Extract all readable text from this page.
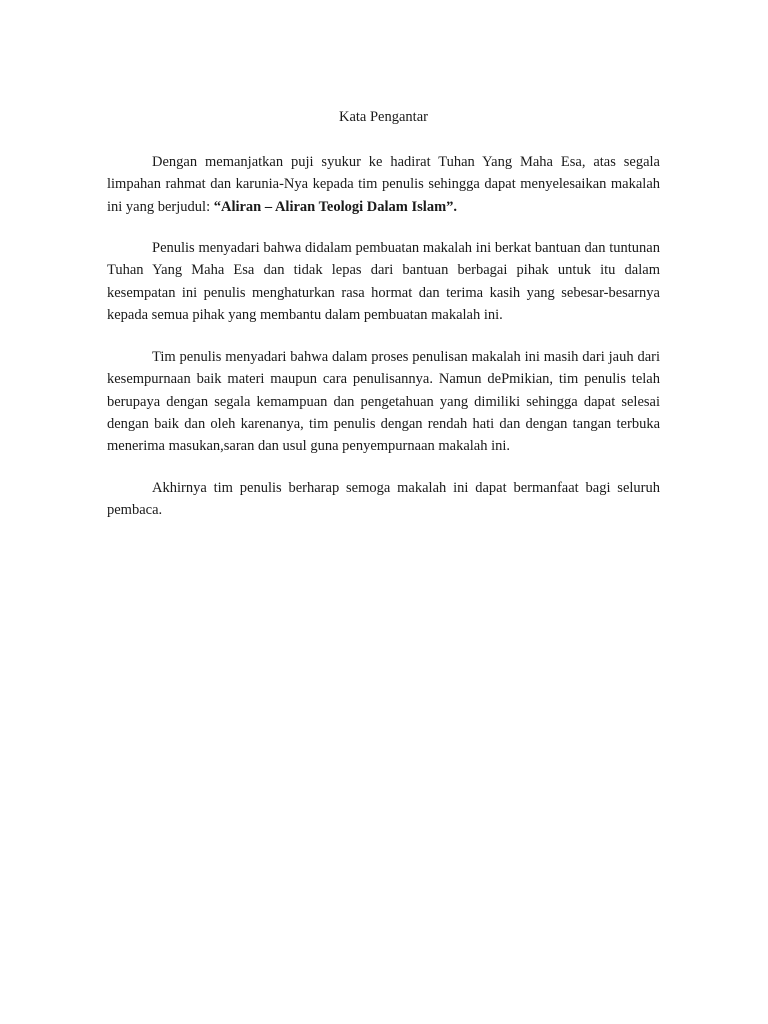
Kata Pengantar

Dengan memanjatkan puji syukur ke hadirat Tuhan Yang Maha Esa, atas segala limpahan rahmat dan karunia-Nya kepada tim penulis sehingga dapat menyelesaikan makalah ini yang berjudul: “Aliran – Aliran Teologi Dalam Islam”.

Penulis menyadari bahwa didalam pembuatan makalah ini berkat bantuan dan tuntunan Tuhan Yang Maha Esa dan tidak lepas dari bantuan berbagai pihak untuk itu dalam kesempatan ini penulis menghaturkan rasa hormat dan terima kasih yang sebesar-besarnya kepada semua pihak yang membantu dalam pembuatan makalah ini.

Tim penulis menyadari bahwa dalam proses penulisan makalah ini masih dari jauh dari kesempurnaan baik materi maupun cara penulisannya. Namun dePmikian, tim penulis telah berupaya dengan segala kemampuan dan pengetahuan yang dimiliki sehingga dapat selesai dengan baik dan oleh karenanya, tim penulis dengan rendah hati dan dengan tangan terbuka menerima masukan,saran dan usul guna penyempurnaan makalah ini.

Akhirnya tim penulis berharap semoga makalah ini dapat bermanfaat bagi seluruh pembaca.
